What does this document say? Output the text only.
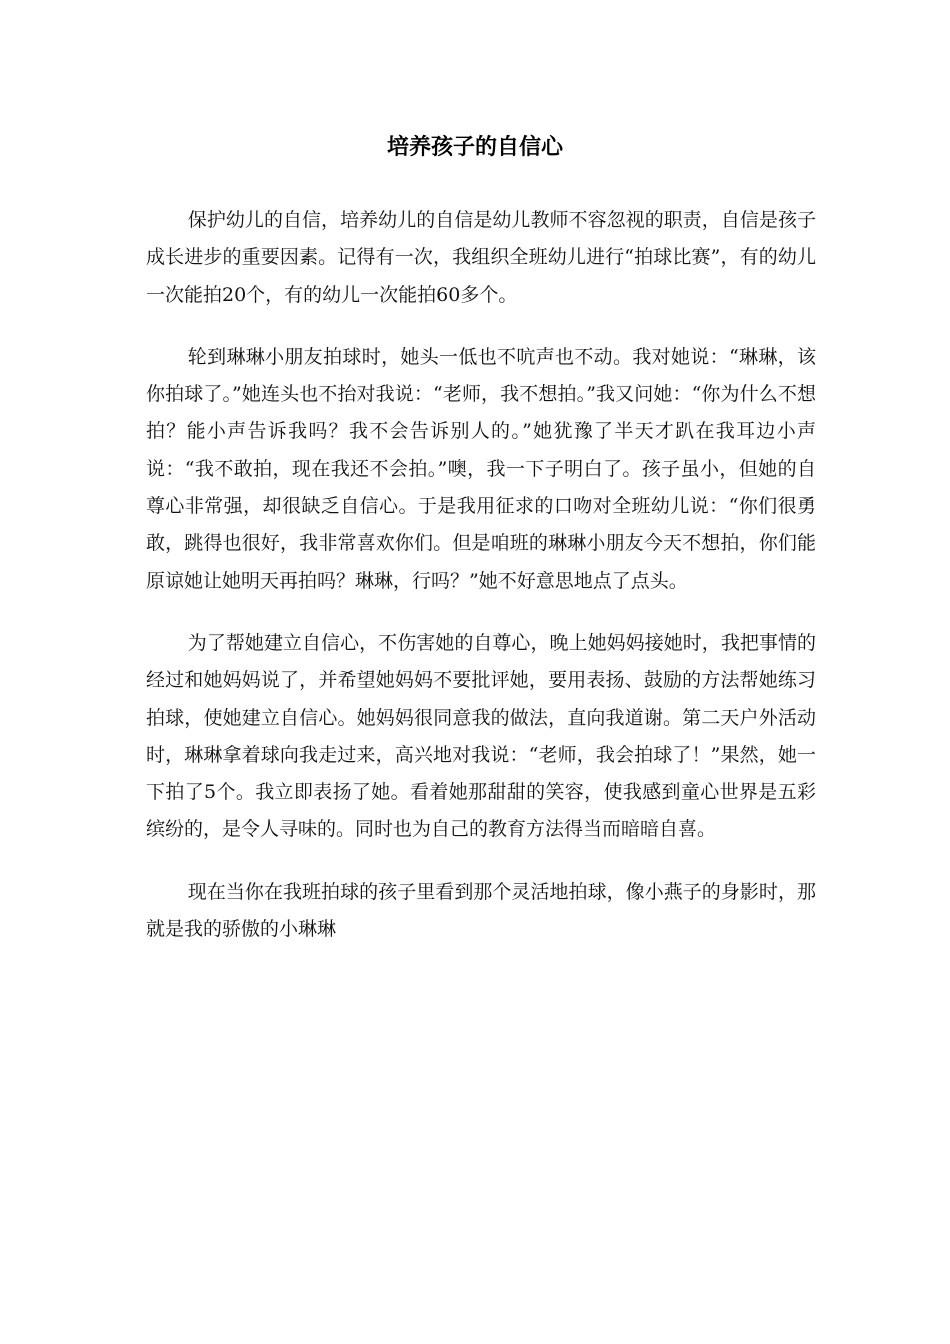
培养孩子的自信心

保护幼儿的自信，培养幼儿的自信是幼儿教师不容忽视的职责，自信是孩子成长进步的重要因素。记得有一次，我组织全班幼儿进行“拍球比赛”，有的幼儿一次能拍20个，有的幼儿一次能拍60多个。

轮到琳琳小朋友拍球时，她头一低也不吭声也不动。我对她说：“琳琳，该你拍球了。”她连头也不抬对我说：“老师，我不想拍。”我又问她：“你为什么不想拍？能小声告诉我吗？我不会告诉别人的。”她犹豫了半天才趴在我耳边小声说：“我不敢拍，现在我还不会拍。”噢，我一下子明白了。孩子虽小，但她的自尊心非常强，却很缺乏自信心。于是我用征求的口吻对全班幼儿说：“你们很勇敢，跳得也很好，我非常喜欢你们。但是咱班的琳琳小朋友今天不想拍，你们能原谅她让她明天再拍吗？琳琳，行吗？”她不好意思地点了点头。

为了帮她建立自信心，不伤害她的自尊心，晚上她妈妈接她时，我把事情的经过和她妈妈说了，并希望她妈妈不要批评她，要用表扬、鼓励的方法帮她练习拍球，使她建立自信心。她妈妈很同意我的做法，直向我道谢。第二天户外活动时，琳琳拿着球向我走过来，高兴地对我说：“老师，我会拍球了！”果然，她一下拍了5个。我立即表扬了她。看着她那甜甜的笑容，使我感到童心世界是五彩缤纷的，是令人寻味的。同时也为自己的教育方法得当而暗暗自喜。

现在当你在我班拍球的孩子里看到那个灵活地拍球，像小燕子的身影时，那就是我的骄傲的小琳琳
